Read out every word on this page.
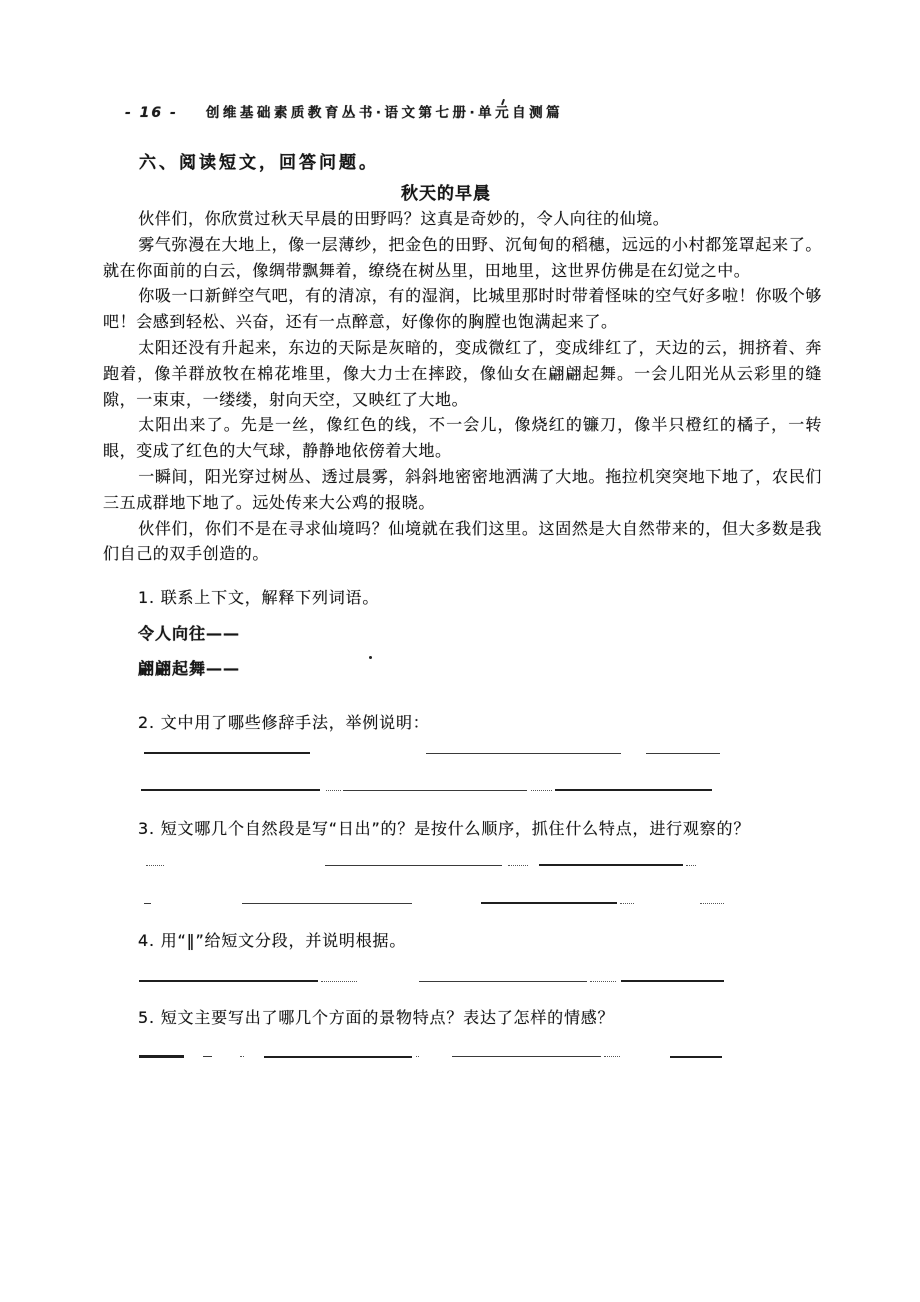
- 16 - 创维基础素质教育丛书·语文第七册·单元自测篇
六、阅读短文，回答问题。
秋天的早晨

伙伴们，你欣赏过秋天早晨的田野吗？这真是奇妙的，令人向往的仙境。

雾气弥漫在大地上，像一层薄纱，把金色的田野、沉甸甸的稻穗，远远的小村都笼罩起来了。就在你面前的白云，像绸带飘舞着，缭绕在树丛里，田地里，这世界仿佛是在幻觉之中。

你吸一口新鲜空气吧，有的清凉，有的湿润，比城里那时时带着怪味的空气好多啦！你吸个够吧！会感到轻松、兴奋，还有一点醉意，好像你的胸膛也饱满起来了。

太阳还没有升起来，东边的天际是灰暗的，变成微红了，变成绯红了，天边的云，拥挤着、奔跑着，像羊群放牧在棉花堆里，像大力士在摔跤，像仙女在翩翩起舞。一会儿阳光从云彩里的缝隙，一束束，一缕缕，射向天空，又映红了大地。

太阳出来了。先是一丝，像红色的线，不一会儿，像烧红的镰刀，像半只橙红的橘子，一转眼，变成了红色的大气球，静静地依傍着大地。

一瞬间，阳光穿过树丛、透过晨雾，斜斜地密密地洒满了大地。拖拉机突突地下地了，农民们三五成群地下地了。远处传来大公鸡的报晓。

伙伴们，你们不是在寻求仙境吗？仙境就在我们这里。这固然是大自然带来的，但大多数是我们自己的双手创造的。

1. 联系上下文，解释下列词语。
令人向往——
翩翩起舞——
2. 文中用了哪些修辞手法，举例说明：
3. 短文哪几个自然段是写“日出”的？是按什么顺序，抓住什么特点，进行观察的？
4. 用“‖”给短文分段，并说明根据。
5. 短文主要写出了哪几个方面的景物特点？表达了怎样的情感？
